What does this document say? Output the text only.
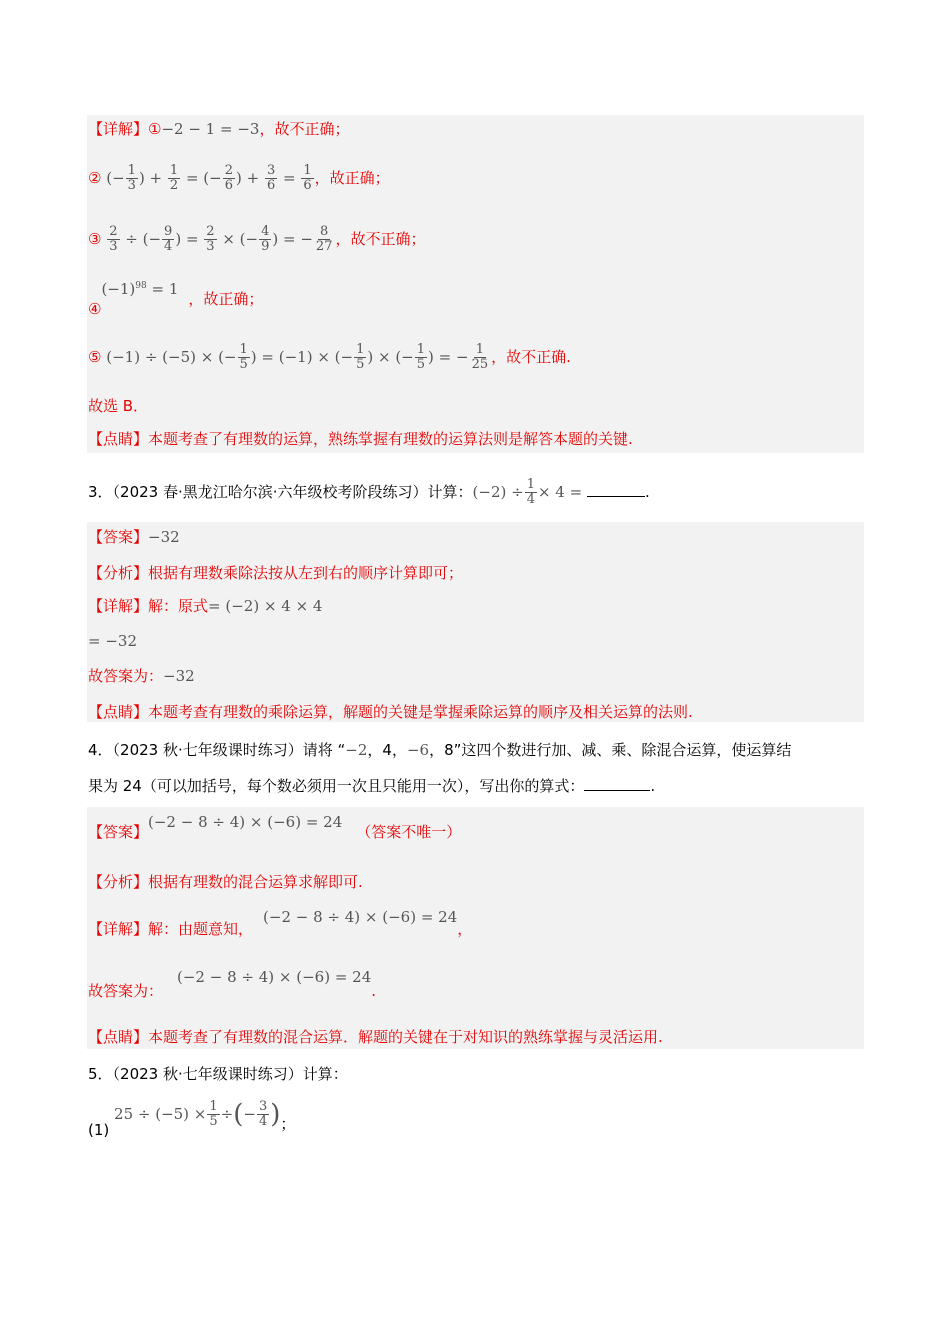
【详解】①−2 − 1 = −3，故不正确；
② (− $\frac{1}{3}$ ) + $\frac{1}{2}$ = (− $\frac{2}{6}$ ) + $\frac{3}{6} = \frac{1}{6}$ ，故正确；
③ $\frac{2}{3}$ ÷ (− $\frac{9}{4}$ ) = $\frac{2}{3}$ × (− $\frac{4}{9}$ ) = − $\frac{8}{27}$ ，故不正确；
$④(-1)^{98} = 1$，故正确；
⑤ (−1) ÷ (−5) × (− $\frac{1}{5}$ ) = (−1) × (− $\frac{1}{5}$ ) × (− $\frac{1}{5}$ ) = − $\frac{1}{25}$ ，故不正确.
故选 B．
【点睛】本题考查了有理数的运算，熟练掌握有理数的运算法则是解答本题的关键.
3．（2023 春·黑龙江哈尔滨·六年级校考阶段练习）计算：$(-2) \div \frac{1}{4} \times 4$ =	.
【答案】−32
【分析】根据有理数乘除法按从左到右的顺序计算即可；
【详解】解：原式= (−2) × 4 × 4
= −32
故答案为：−32
【点睛】本题考查有理数的乘除运算，解题的关键是掌握乘除运算的顺序及相关运算的法则.
4．（2023 秋·七年级课时练习）请将 “−2，4，−6，8”这四个数进行加、减、乘、除混合运算，使运算结
果为 24（可以加括号，每个数必须用一次且只能用一次），写出你的算式：	.
【答案】(−2 − 8 ÷ 4) × (−6) = 24（答案不唯一）
【分析】根据有理数的混合运算求解即可.
【详解】解：由题意知，(−2 − 8 ÷ 4) × (−6) = 24，
故答案为：(−2 − 8 ÷ 4) × (−6) = 24.
【点睛】本题考查了有理数的混合运算．解题的关键在于对知识的熟练掌握与灵活运用.
5．（2023 秋·七年级课时练习）计算：
(1) $25 \div (-5) \times \frac{1}{5}$ ÷(− $\frac{3}{4}$ )；
